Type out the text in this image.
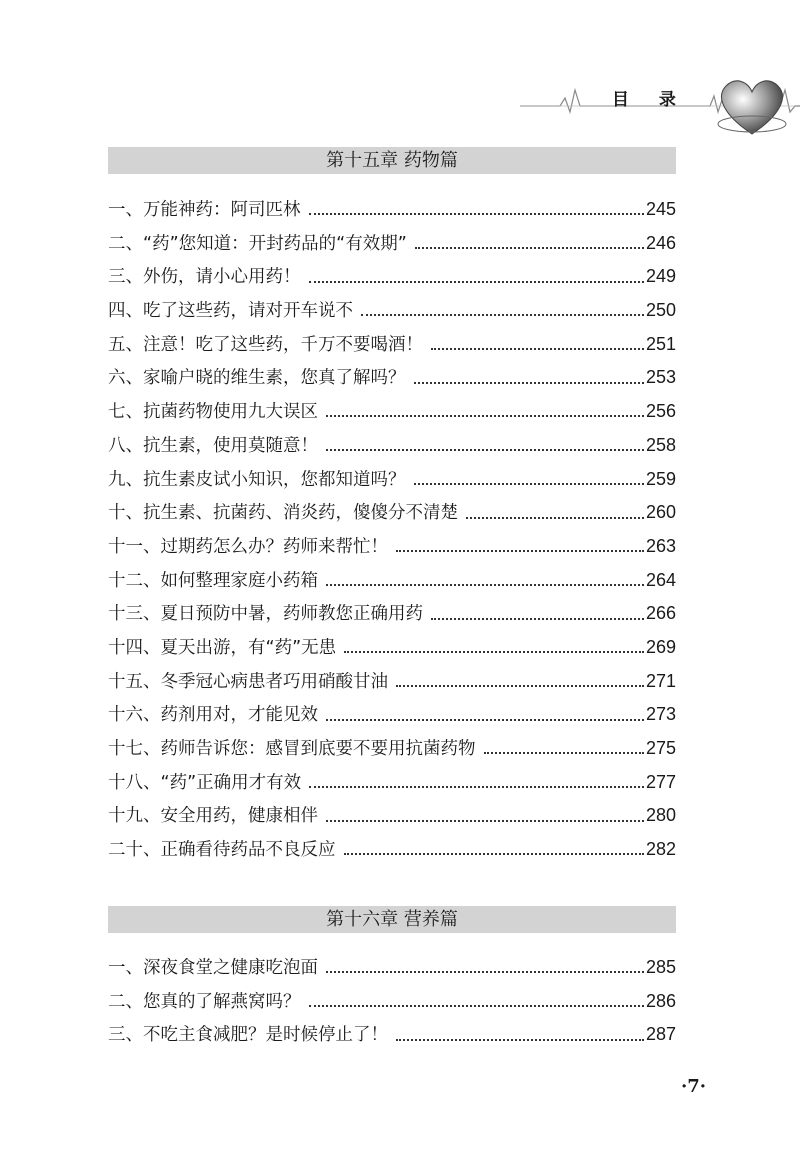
目 录
第十五章 药物篇
一、万能神药：阿司匹林	245
二、“药”您知道：开封药品的“有效期”	246
三、外伤，请小心用药！	249
四、吃了这些药，请对开车说不	250
五、注意！吃了这些药，千万不要喝酒！	251
六、家喻户晓的维生素，您真了解吗？	253
七、抗菌药物使用九大误区	256
八、抗生素，使用莫随意！	258
九、抗生素皮试小知识，您都知道吗？	259
十、抗生素、抗菌药、消炎药，傻傻分不清楚	260
十一、过期药怎么办？药师来帮忙！	263
十二、如何整理家庭小药箱	264
十三、夏日预防中暑，药师教您正确用药	266
十四、夏天出游，有“药”无患	269
十五、冬季冠心病患者巧用硝酸甘油	271
十六、药剂用对，才能见效	273
十七、药师告诉您：感冒到底要不要用抗菌药物	275
十八、“药”正确用才有效	277
十九、安全用药，健康相伴	280
二十、正确看待药品不良反应	282
第十六章 营养篇
一、深夜食堂之健康吃泡面	285
二、您真的了解燕窝吗？	286
三、不吃主食减肥？是时候停止了！	287
·7·
